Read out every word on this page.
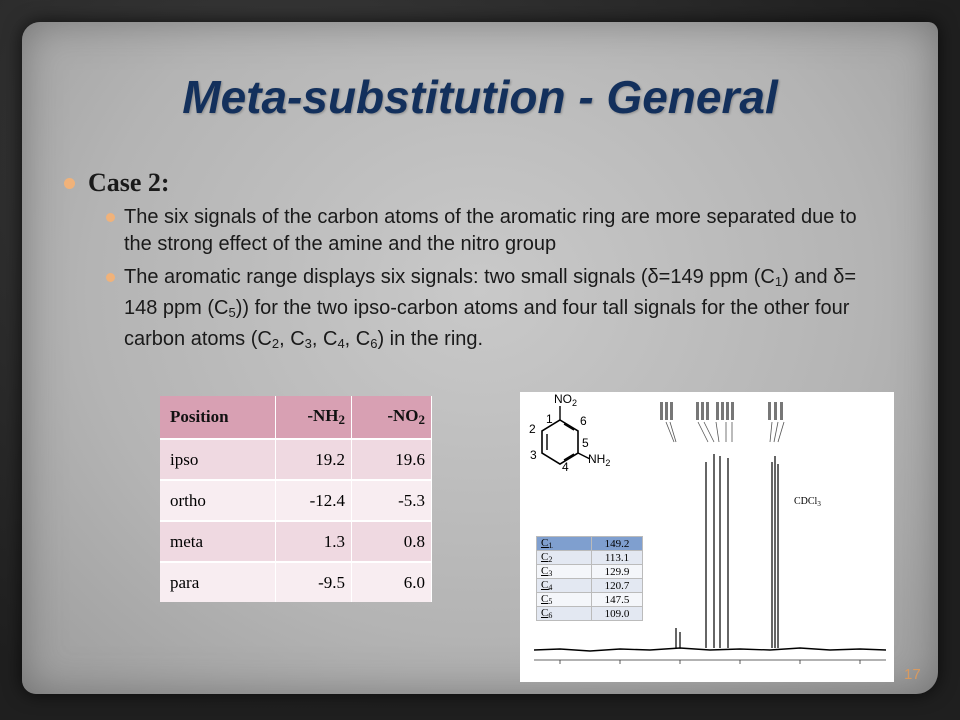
Meta-substitution - General
Case 2:
The six signals of the carbon atoms of the aromatic ring are more separated due to the strong effect of the amine and the nitro group
The aromatic range displays six signals: two small signals (δ=149 ppm $(C_1)$ and δ= 148 ppm $(C_5)$) for the two ipso-carbon atoms and four tall signals for the other four carbon atoms ($C_2$, $C_3$, $C_4$, $C_6$) in the ring.
Position	$-NH_2$	$-NO_2$
ipso	19.2	19.6
ortho	-12.4	-5.3
meta	1.3	0.8
para	-9.5	6.0
$NO_2$
$NH_2$
1
2
3
4
5
6
CDCl$_3$
C1	149.2
C2	113.1
C3	129.9
C4	120.7
C5	147.5
C6	109.0
17
